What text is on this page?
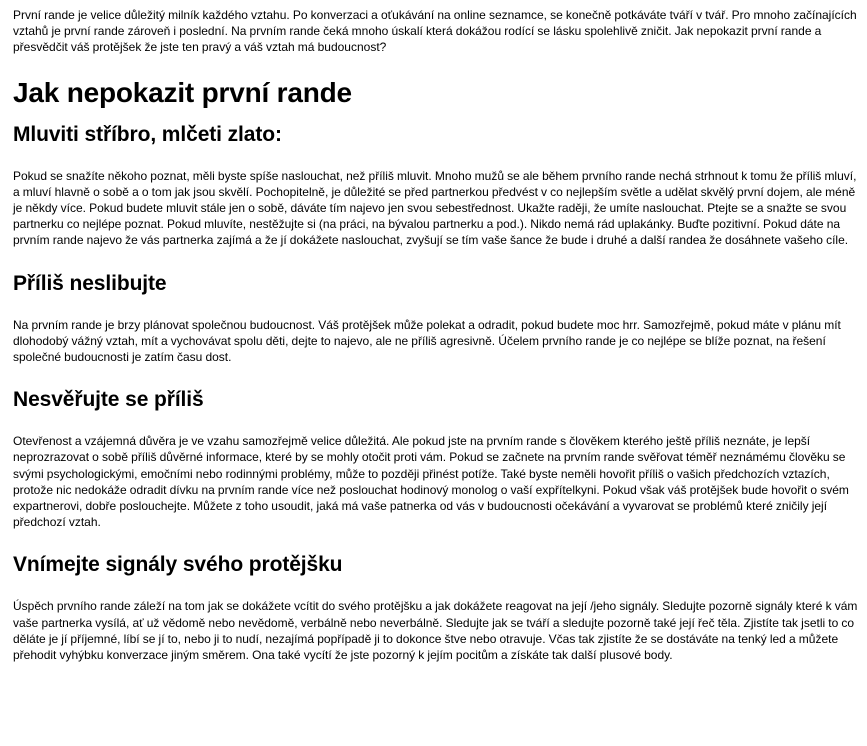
První rande je velice důležitý milník každého vztahu. Po konverzaci a oťukávání na online seznamce, se konečně potkáváte tváří v tvář. Pro mnoho začínajících vztahů je první rande zároveň i poslední. Na prvním rande čeká mnoho úskalí která dokážou rodící se lásku spolehlivě zničit. Jak nepokazit první rande a přesvědčit váš protějšek že jste ten pravý a váš vztah má budoucnost?

Jak nepokazit první rande
Mluviti stříbro, mlčeti zlato:

Pokud se snažíte někoho poznat, měli byste spíše naslouchat, než příliš mluvit. Mnoho mužů se ale během prvního rande nechá strhnout k tomu že příliš mluví, a mluví hlavně o sobě a o tom jak jsou skvělí. Pochopitelně, je důležité se před partnerkou předvést v co nejlepším světle a udělat skvělý první dojem, ale méně je někdy více. Pokud budete mluvit stále jen o sobě, dáváte tím najevo jen svou sebestřednost. Ukažte raději, že umíte naslouchat. Ptejte se a snažte se svou partnerku co nejlépe poznat. Pokud mluvíte, nestěžujte si (na práci, na bývalou partnerku a pod.). Nikdo nemá rád uplakánky. Buďte pozitivní. Pokud dáte na prvním rande najevo že vás partnerka zajímá a že jí dokážete naslouchat, zvyšují se tím vaše šance že bude i druhé a další randea že dosáhnete vašeho cíle.

Příliš neslibujte

Na prvním rande je brzy plánovat společnou budoucnost. Váš protějšek může polekat a odradit, pokud budete moc hrr. Samozřejmě, pokud máte v plánu mít dlohodobý vážný vztah, mít a vychovávat spolu děti, dejte to najevo, ale ne příliš agresivně. Účelem prvního rande je co nejlépe se blíže poznat, na řešení společné budoucnosti je zatím času dost.

Nesvěřujte se příliš

Otevřenost a vzájemná důvěra je ve vzahu samozřejmě velice důležitá. Ale pokud jste na prvním rande s člověkem kterého ještě příliš neznáte, je lepší neprozrazovat o sobě příliš důvěrné informace, které by se mohly otočit proti vám. Pokud se začnete na prvním rande svěřovat téměř neznámému člověku se svými psychologickými, emočními nebo rodinnými problémy, může to později přinést potíže. Také byste neměli hovořit příliš o vašich předchozích vztazích, protože nic nedokáže odradit dívku na prvním rande více než poslouchat hodinový monolog o vaší expřítelkyni. Pokud však váš protějšek bude hovořit o svém expartnerovi, dobře poslouchejte. Můžete z toho usoudit, jaká má vaše patnerka od vás v budoucnosti očekávání a vyvarovat se problémů které zničily její předchozí vztah.

Vnímejte signály svého protějšku

Úspěch prvního rande záleží na tom jak se dokážete vcítit do svého protějšku a jak dokážete reagovat na její /jeho signály. Sledujte pozorně signály které k vám vaše partnerka vysílá, ať už vědomě nebo nevědomě, verbálně nebo neverbálně. Sledujte jak se tváří a sledujte pozorně také její řeč těla. Zjistíte tak jsetli to co děláte je jí příjemné, líbí se jí to, nebo ji to nudí, nezajímá popřípadě ji to dokonce štve nebo otravuje. Včas tak zjistíte že se dostáváte na tenký led a můžete přehodit vyhýbku konverzace jiným směrem. Ona také vycítí že jste pozorný k jejím pocitům a získáte tak další plusové body.
